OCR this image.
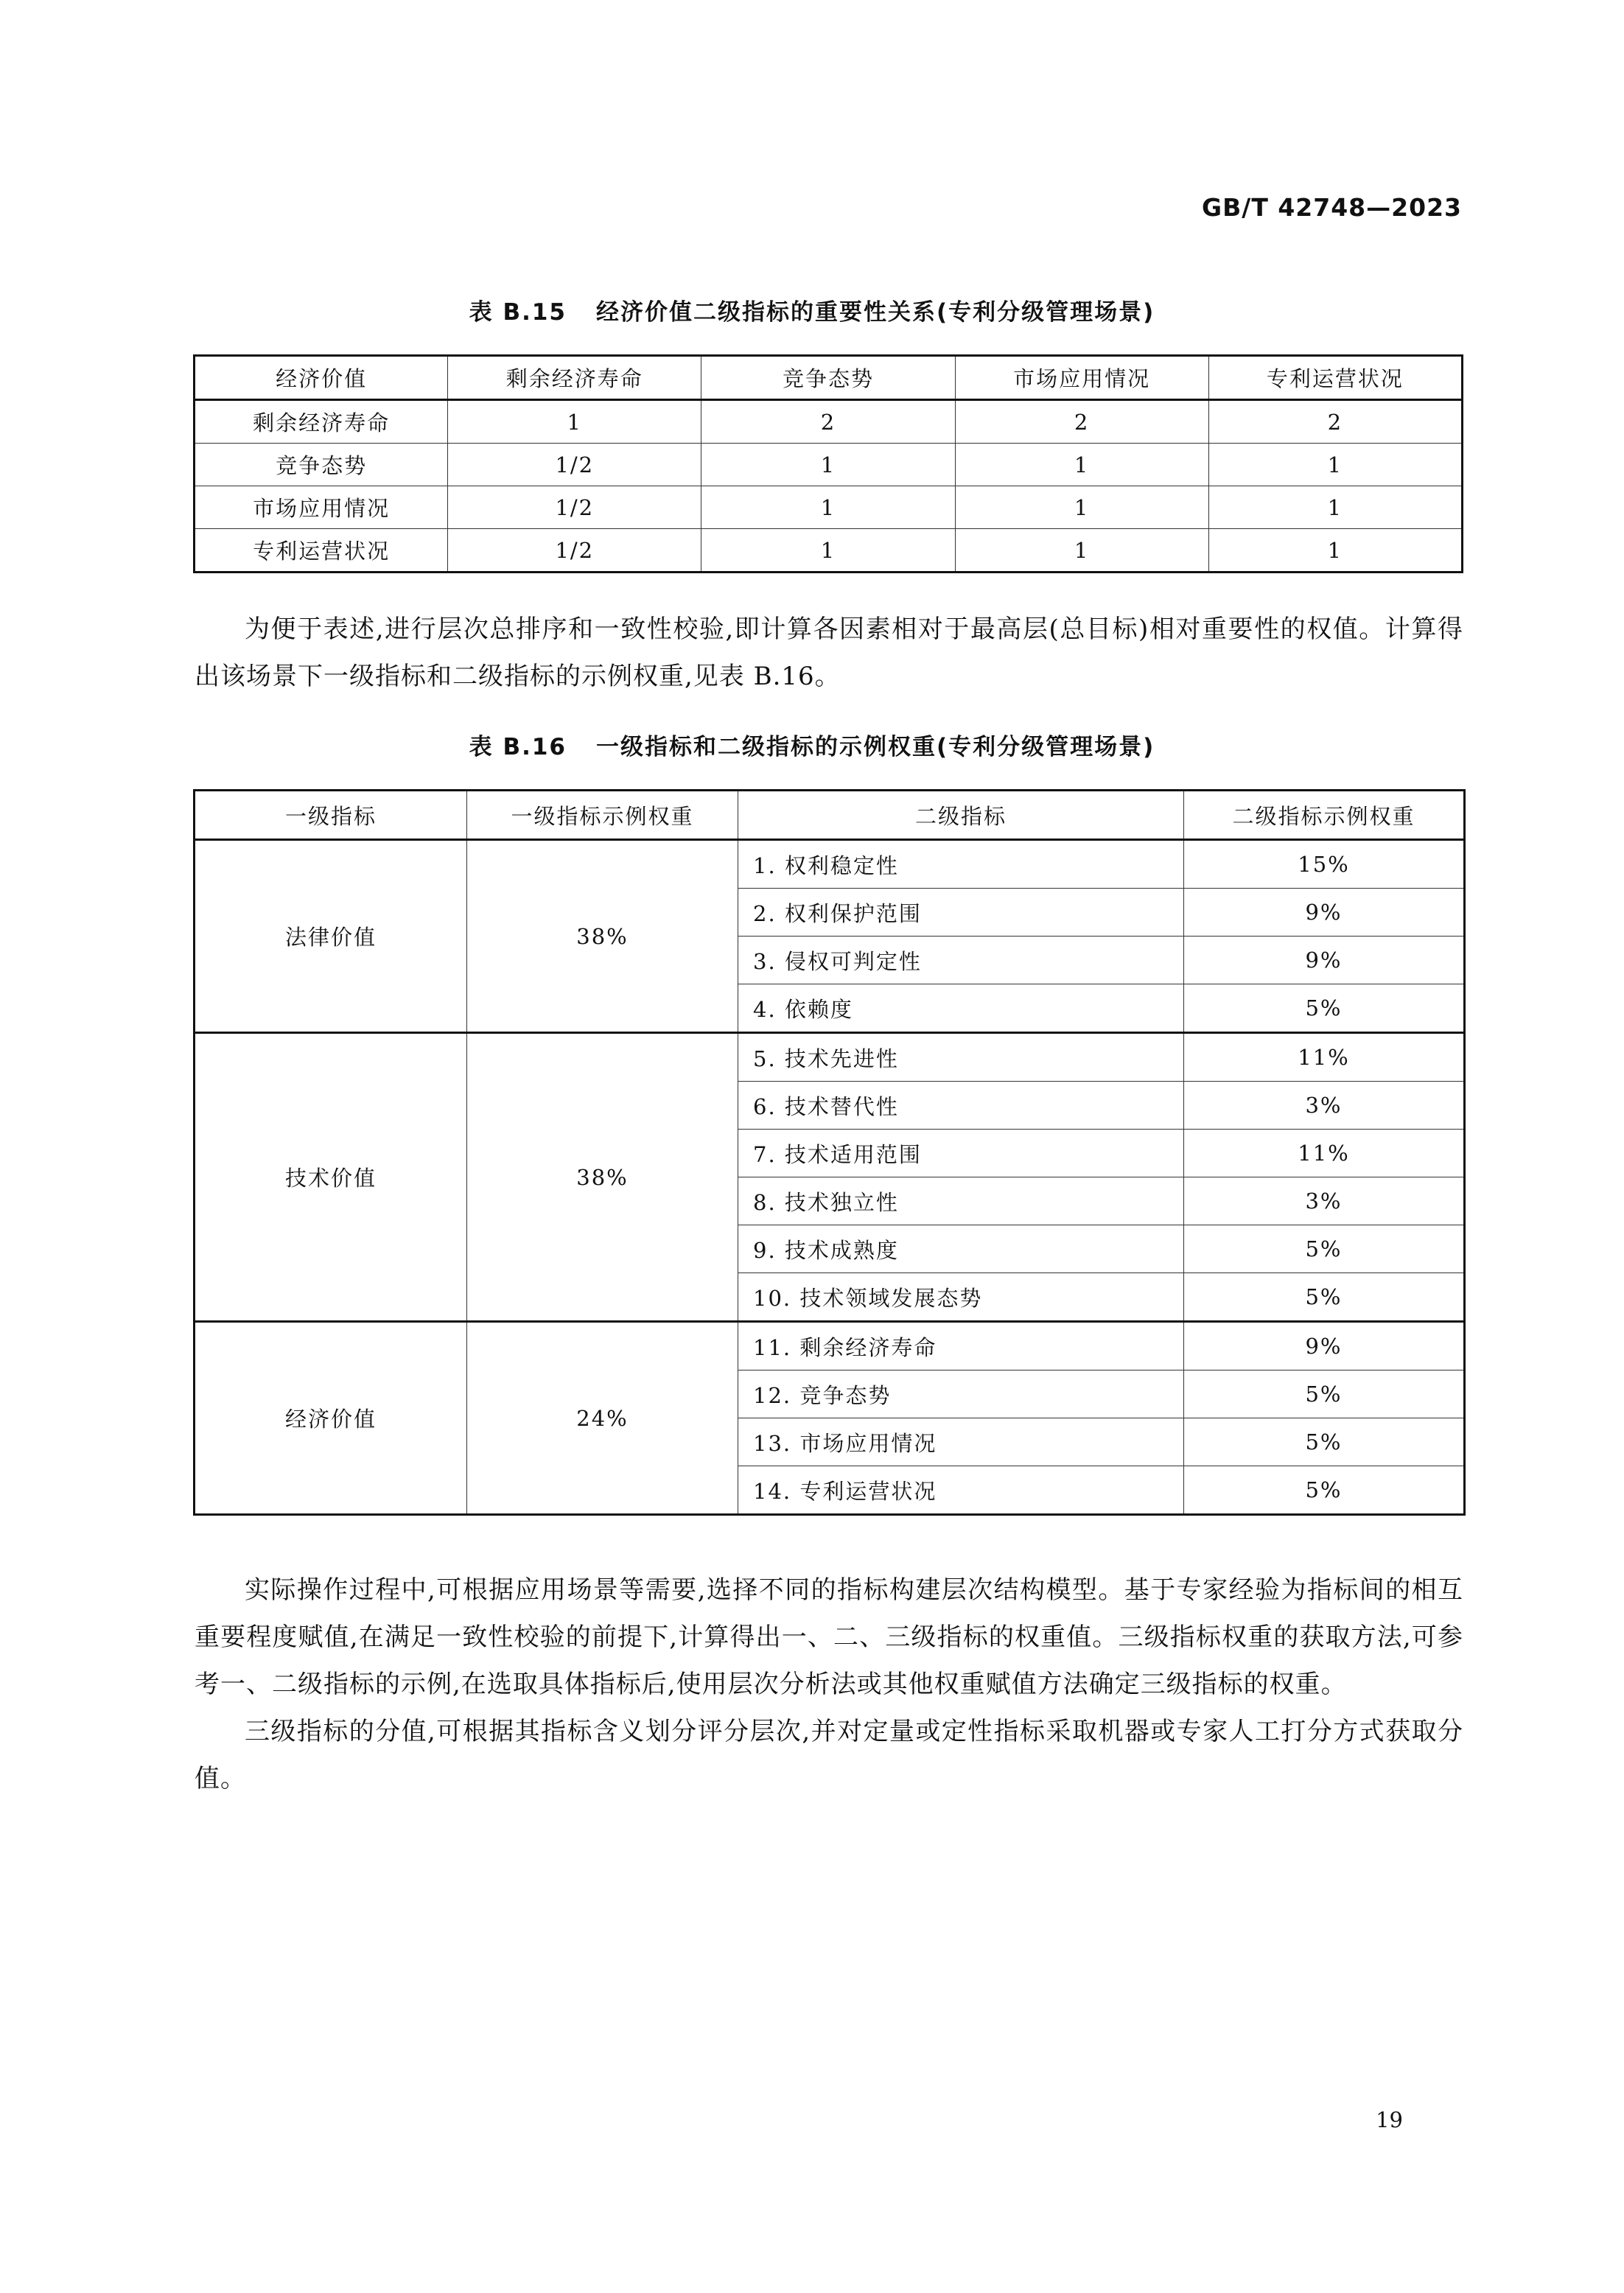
GB/T 42748—2023
表 B.15 经济价值二级指标的重要性关系(专利分级管理场景)
经济价值	剩余经济寿命	竞争态势	市场应用情况	专利运营状况
剩余经济寿命	1	2	2	2
竞争态势	1/2	1	1	1
市场应用情况	1/2	1	1	1
专利运营状况	1/2	1	1	1

为便于表述,进行层次总排序和一致性校验,即计算各因素相对于最高层(总目标)相对重要性的权值。计算得出该场景下一级指标和二级指标的示例权重,见表 B.16。

表 B.16 一级指标和二级指标的示例权重(专利分级管理场景)
一级指标	一级指标示例权重	二级指标	二级指标示例权重
法律价值	38%	1. 权利稳定性	15%
		2. 权利保护范围	9%
		3. 侵权可判定性	9%
		4. 依赖度	5%
技术价值	38%	5. 技术先进性	11%
		6. 技术替代性	3%
		7. 技术适用范围	11%
		8. 技术独立性	3%
		9. 技术成熟度	5%
		10. 技术领域发展态势	5%
经济价值	24%	11. 剩余经济寿命	9%
		12. 竞争态势	5%
		13. 市场应用情况	5%
		14. 专利运营状况	5%

实际操作过程中,可根据应用场景等需要,选择不同的指标构建层次结构模型。基于专家经验为指标间的相互重要程度赋值,在满足一致性校验的前提下,计算得出一、二、三级指标的权重值。三级指标权重的获取方法,可参考一、二级指标的示例,在选取具体指标后,使用层次分析法或其他权重赋值方法确定三级指标的权重。

三级指标的分值,可根据其指标含义划分评分层次,并对定量或定性指标采取机器或专家人工打分方式获取分值。

19
